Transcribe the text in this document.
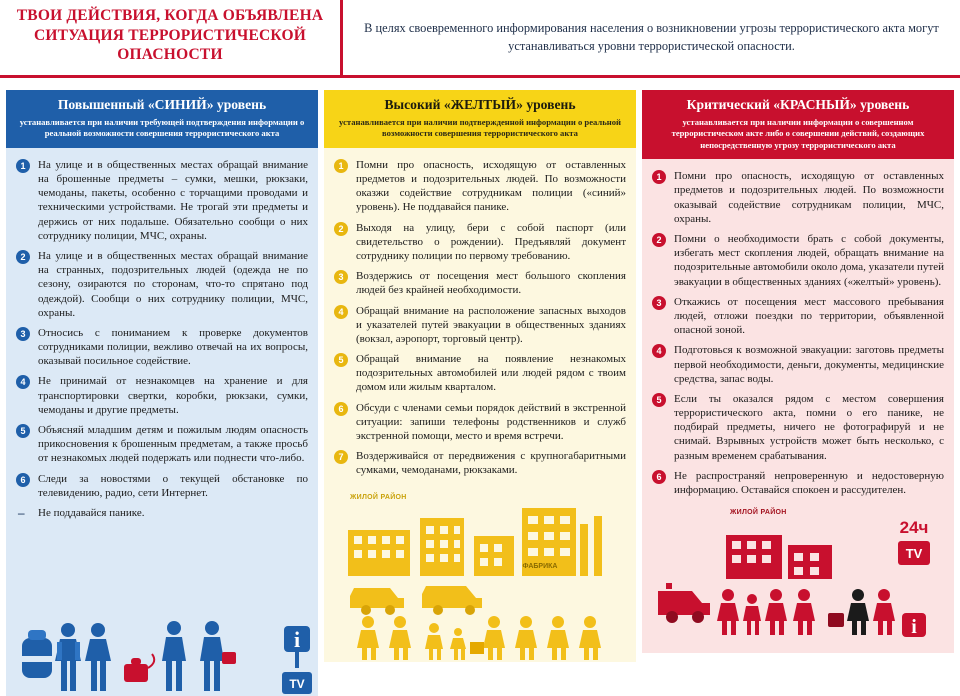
ТВОИ ДЕЙСТВИЯ, КОГДА ОБЪЯВЛЕНА СИТУАЦИЯ ТЕРРОРИСТИЧЕСКОЙ ОПАСНОСТИ
В целях своевременного информирования населения о возникновении угрозы террористического акта могут устанавливаться уровни террористической опасности.
Повышенный «СИНИЙ» уровень

устанавливается при наличии требующей подтверждения информации о реальной возможности совершения террористического акта

1	На улице и в общественных местах обращай внимание на брошенные предметы – сумки, мешки, рюкзаки, чемоданы, пакеты, особенно с торчащими проводами и техническими устройствами. Не трогай эти предметы и держись от них подальше. Обязательно сообщи о них сотруднику полиции, МЧС, охраны.
2	На улице и в общественных местах обращай внимание на странных, подозрительных людей (одежда не по сезону, озираются по сторонам, что-то спрятано под одеждой). Сообщи о них сотруднику полиции, МЧС, охраны.
3	Относись с пониманием к проверке документов сотрудниками полиции, вежливо отвечай на их вопросы, оказывай посильное содействие.
4	Не принимай от незнакомцев на хранение и для транспортировки свертки, коробки, рюкзаки, сумки, чемоданы и другие предметы.
5	Объясняй младшим детям и пожилым людям опасность прикосновения к брошенным предметам, а также просьб от незнакомых людей подержать или поднести что-либо.
6	Следи за новостями о текущей обстановке по телевидению, радио, сети Интернет.
– Не поддавайся панике.
i
TV
Высокий «ЖЕЛТЫЙ» уровень

устанавливается при наличии подтвержденной информации о реальной возможности совершения террористического акта

1	Помни про опасность, исходящую от оставленных предметов и подозрительных людей. По возможности оказжи содействие сотрудникам полиции («синий» уровень). Не поддавайся панике.
2	Выходя на улицу, бери с собой паспорт (или свидетельство о рождении). Предъявляй документ сотруднику полиции по первому требованию.
3	Воздержись от посещения мест большого скопления людей без крайней необходимости.
4	Обращай внимание на расположение запасных выходов и указателей путей эвакуации в общественных зданиях (вокзал, аэропорт, торговый центр).
5	Обращай внимание на появление незнакомых подозрительных автомобилей или людей рядом с твоим домом или жилым кварталом.
6	Обсуди с членами семьи порядок действий в экстренной ситуации: запиши телефоны родственников и служб экстренной помощи, место и время встречи.
7	Воздерживайся от передвижения с крупногабаритными сумками, чемоданами, рюкзаками.
ЖИЛОЙ РАЙОН
ФАБРИКА
Критический «КРАСНЫЙ» уровень

устанавливается при наличии информации о совершенном террористическом акте либо о совершении действий, создающих непосредственную угрозу террористического акта

1	Помни про опасность, исходящую от оставленных предметов и подозрительных людей. По возможности оказывай содействие сотрудникам полиции, МЧС, охраны.
2	Помни о необходимости брать с собой документы, избегать мест скопления людей, обращать внимание на подозрительные автомобили около дома, указатели путей эвакуации в общественных зданиях («желтый» уровень).
3	Откажись от посещения мест массового пребывания людей, отложи поездки по территории, объявленной опасной зоной.
4	Подготовься к возможной эвакуации: заготовь предметы первой необходимости, деньги, документы, медицинские средства, запас воды.
5	Если ты оказался рядом с местом совершения террористического акта, помни о его панике, не подбирай предметы, ничего не фотографируй и не снимай. Взрывных устройств может быть несколько, с разным временем срабатывания.
6	Не распространяй непроверенную и недостоверную информацию. Оставайся спокоен и рассудителен.
ЖИЛОЙ РАЙОН
24ч
TV
i
